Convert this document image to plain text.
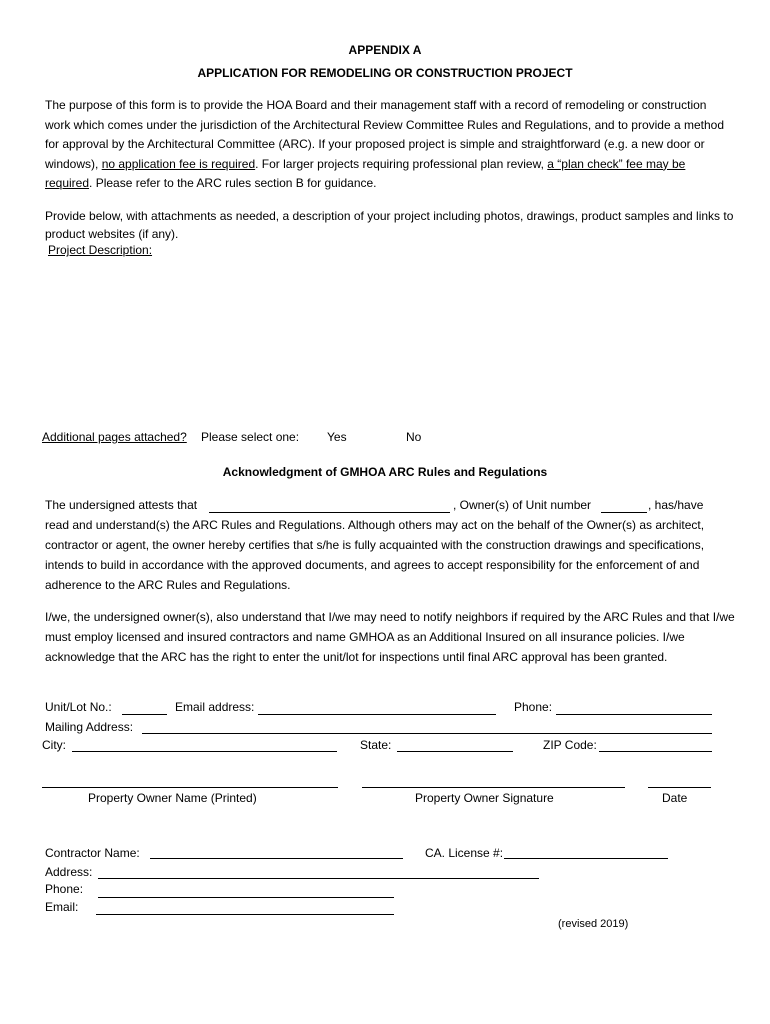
APPENDIX A
APPLICATION FOR REMODELING OR CONSTRUCTION PROJECT
The purpose of this form is to provide the HOA Board and their management staff with a record of remodeling or construction work which comes under the jurisdiction of the Architectural Review Committee Rules and Regulations, and to provide a method for approval by the Architectural Committee (ARC). If your proposed project is simple and straightforward (e.g. a new door or windows), no application fee is required. For larger projects requiring professional plan review, a “plan check” fee may be required. Please refer to the ARC rules section B for guidance.
Provide below, with attachments as needed, a description of your project including photos, drawings, product samples and links to product websites (if any).
Project Description:
Additional pages attached? Please select one: Yes	No
Acknowledgment of GMHOA ARC Rules and Regulations
The undersigned attests that	, Owner(s) of Unit number	, has/have
read and understand(s) the ARC Rules and Regulations. Although others may act on the behalf of the Owner(s) as architect, contractor or agent, the owner hereby certifies that s/he is fully acquainted with the construction drawings and specifications, intends to build in accordance with the approved documents, and agrees to accept responsibility for the enforcement of and adherence to the ARC Rules and Regulations.
I/we, the undersigned owner(s), also understand that I/we may need to notify neighbors if required by the ARC Rules and that I/we must employ licensed and insured contractors and name GMHOA as an Additional Insured on all insurance policies. I/we acknowledge that the ARC has the right to enter the unit/lot for inspections until final ARC approval has been granted.
Unit/Lot No.:	Email address:	Phone:
Mailing Address:
City:	State:	ZIP Code:
Property Owner Name (Printed)	Property Owner Signature	Date
Contractor Name:	CA. License #:
Address:
Phone:
Email:
(revised 2019)
